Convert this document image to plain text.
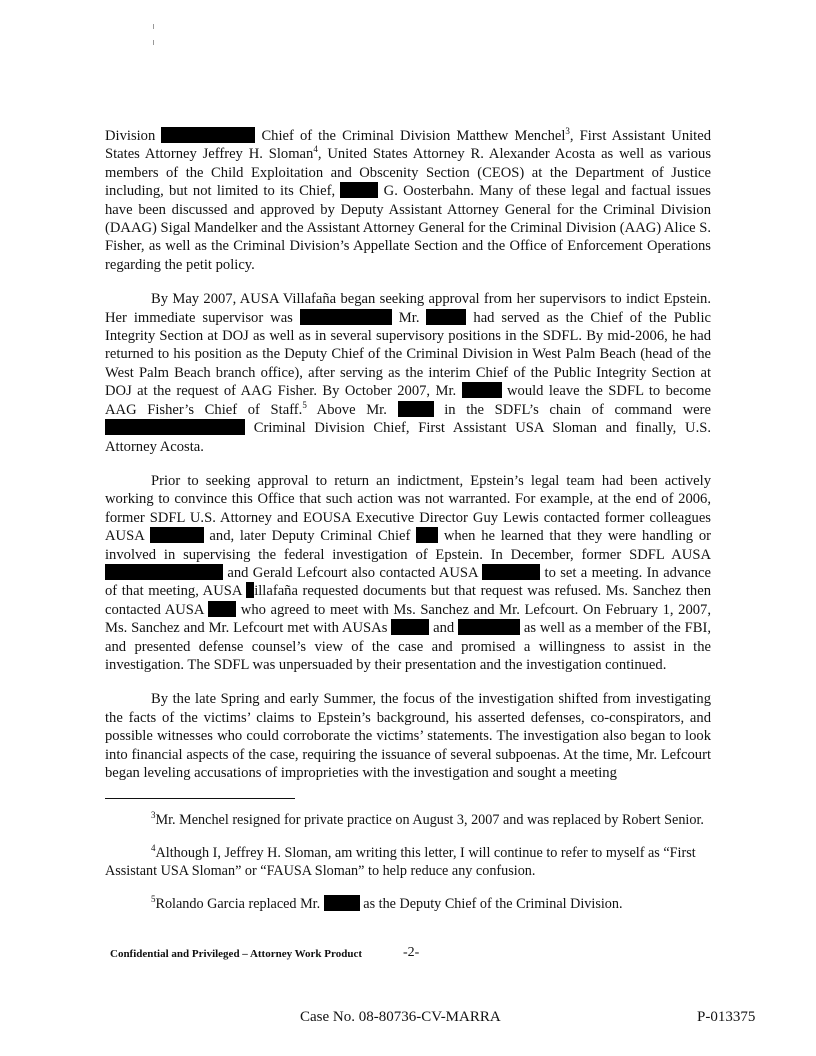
Division	Chief of the Criminal Division Matthew Menchel$^3$, First Assistant United States Attorney Jeffrey H. Sloman$^4$, United States Attorney R. Alexander Acosta as well as various members of the Child Exploitation and Obscenity Section (CEOS) at the Department of Justice including, but not limited to its Chief,	G. Oosterbahn. Many of these legal and factual issues have been discussed and approved by Deputy Assistant Attorney General for the Criminal Division (DAAG) Sigal Mandelker and the Assistant Attorney General for the Criminal Division (AAG) Alice S. Fisher, as well as the Criminal Division’s Appellate Section and the Office of Enforcement Operations regarding the petit policy.

By May 2007, AUSA Villafaña began seeking approval from her supervisors to indict Epstein. Her immediate supervisor was	Mr.	had served as the Chief of the Public Integrity Section at DOJ as well as in several supervisory positions in the SDFL. By mid-2006, he had returned to his position as the Deputy Chief of the Criminal Division in West Palm Beach (head of the West Palm Beach branch office), after serving as the interim Chief of the Public Integrity Section at DOJ at the request of AAG Fisher. By October 2007, Mr.	would leave the SDFL to become AAG Fisher’s Chief of Staff.$^5$ Above Mr.  in the SDFL’s chain of command were  Criminal Division Chief, First Assistant USA Sloman and finally, U.S. Attorney Acosta.

Prior to seeking approval to return an indictment, Epstein’s legal team had been actively working to convince this Office that such action was not warranted. For example, at the end of 2006, former SDFL U.S. Attorney and EOUSA Executive Director Guy Lewis contacted former colleagues AUSA	and, later Deputy Criminal Chief  when he learned that they were handling or involved in supervising the federal investigation of Epstein. In December, former SDFL AUSA  and Gerald Lefcourt also contacted AUSA	to set a meeting. In advance of that meeting, AUSA illafaña requested documents but that request was refused. Ms. Sanchez then contacted AUSA  who agreed to meet with Ms. Sanchez and Mr. Lefcourt. On February 1, 2007, Ms. Sanchez and Mr. Lefcourt met with AUSAs	and	as well as a member of the FBI, and presented defense counsel’s view of the case and promised a willingness to assist in the investigation. The SDFL was unpersuaded by their presentation and the investigation continued.

By the late Spring and early Summer, the focus of the investigation shifted from investigating the facts of the victims’ claims to Epstein’s background, his asserted defenses, co-conspirators, and possible witnesses who could corroborate the victims’ statements. The investigation also began to look into financial aspects of the case, requiring the issuance of several subpoenas. At the time, Mr. Lefcourt began leveling accusations of improprieties with the investigation and sought a meeting

$^3$Mr. Menchel resigned for private practice on August 3, 2007 and was replaced by Robert Senior.

$^4$Although I, Jeffrey H. Sloman, am writing this letter, I will continue to refer to myself as “First Assistant USA Sloman” or “FAUSA Sloman” to help reduce any confusion.

$^5$Rolando Garcia replaced Mr.	as the Deputy Chief of the Criminal Division.

Confidential and Privileged – Attorney Work Product	-2-
Case No. 08-80736-CV-MARRA	P-013375
